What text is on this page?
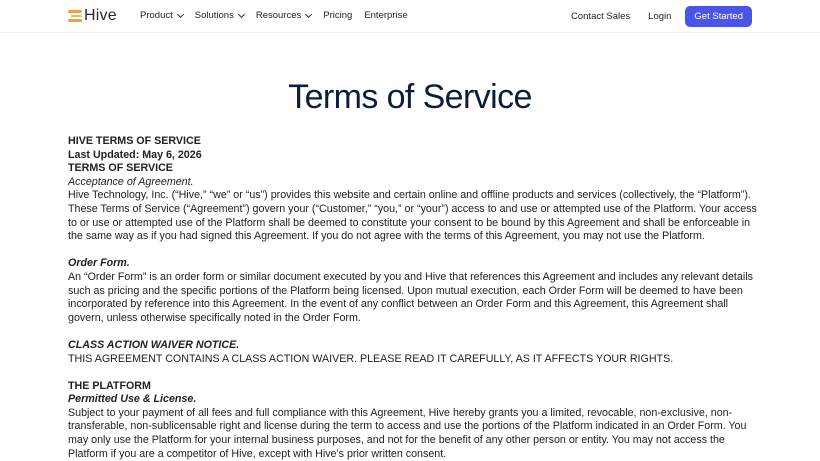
Hive Product Solutions Resources Pricing Enterprise	Contact Sales Login	Get Started
Terms of Service
HIVE TERMS OF SERVICE
Last Updated: May 6, 2026
TERMS OF SERVICE
Acceptance of Agreement.

Hive Technology, Inc. (“Hive,” “we” or “us”) provides this website and certain online and offline products and services (collectively, the “Platform”). These Terms of Service (“Agreement”) govern your (“Customer,” “you,” or “your”) access to and use or attempted use of the Platform. Your access to or use or attempted use of the Platform shall be deemed to constitute your consent to be bound by this Agreement and shall be enforceable in the same way as if you had signed this Agreement. If you do not agree with the terms of this Agreement, you may not use the Platform.

Order Form.

An “Order Form” is an order form or similar document executed by you and Hive that references this Agreement and includes any relevant details such as pricing and the specific portions of the Platform being licensed. Upon mutual execution, each Order Form will be deemed to have been incorporated by reference into this Agreement. In the event of any conflict between an Order Form and this Agreement, this Agreement shall govern, unless otherwise specifically noted in the Order Form.

CLASS ACTION WAIVER NOTICE.

THIS AGREEMENT CONTAINS A CLASS ACTION WAIVER. PLEASE READ IT CAREFULLY, AS IT AFFECTS YOUR RIGHTS.

THE PLATFORM
Permitted Use & License.

Subject to your payment of all fees and full compliance with this Agreement, Hive hereby grants you a limited, revocable, non-exclusive, non-transferable, non-sublicensable right and license during the term to access and use the portions of the Platform indicated in an Order Form. You may only use the Platform for your internal business purposes, and not for the benefit of any other person or entity. You may not access the Platform if you are a competitor of Hive, except with Hive’s prior written consent.
